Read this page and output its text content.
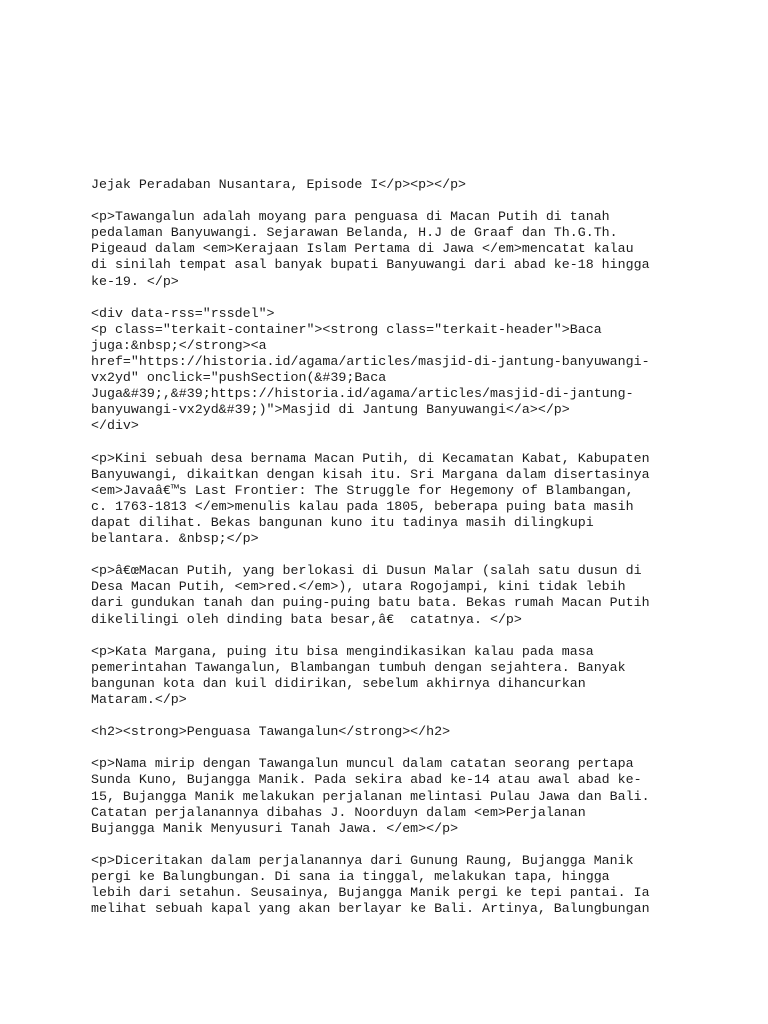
Jejak Peradaban Nusantara, Episode I</p><p></p>
<p>Tawangalun adalah moyang para penguasa di Macan Putih di tanah
pedalaman Banyuwangi. Sejarawan Belanda, H.J de Graaf dan Th.G.Th.
Pigeaud dalam <em>Kerajaan Islam Pertama di Jawa </em>mencatat kalau
di sinilah tempat asal banyak bupati Banyuwangi dari abad ke-18 hingga
ke-19. </p>
<div data-rss="rssdel">
<p class="terkait-container"><strong class="terkait-header">Baca
juga:&nbsp;</strong><a
href="https://historia.id/agama/articles/masjid-di-jantung-banyuwangi-
vx2yd" onclick="pushSection(&#39;Baca
Juga&#39;,&#39;https://historia.id/agama/articles/masjid-di-jantung-
banyuwangi-vx2yd&#39;)">Masjid di Jantung Banyuwangi</a></p>
</div>
<p>Kini sebuah desa bernama Macan Putih, di Kecamatan Kabat, Kabupaten
Banyuwangi, dikaitkan dengan kisah itu. Sri Margana dalam disertasinya
<em>Javaâ€™s Last Frontier: The Struggle for Hegemony of Blambangan,
c. 1763-1813 </em>menulis kalau pada 1805, beberapa puing bata masih
dapat dilihat. Bekas bangunan kuno itu tadinya masih dilingkupi
belantara. &nbsp;</p>
<p>â€œMacan Putih, yang berlokasi di Dusun Malar (salah satu dusun di
Desa Macan Putih, <em>red.</em>), utara Rogojampi, kini tidak lebih
dari gundukan tanah dan puing-puing batu bata. Bekas rumah Macan Putih
dikelilingi oleh dinding bata besar,â€  catatnya. </p>
<p>Kata Margana, puing itu bisa mengindikasikan kalau pada masa
pemerintahan Tawangalun, Blambangan tumbuh dengan sejahtera. Banyak
bangunan kota dan kuil didirikan, sebelum akhirnya dihancurkan
Mataram.</p>
<h2><strong>Penguasa Tawangalun</strong></h2>
<p>Nama mirip dengan Tawangalun muncul dalam catatan seorang pertapa
Sunda Kuno, Bujangga Manik. Pada sekira abad ke-14 atau awal abad ke-
15, Bujangga Manik melakukan perjalanan melintasi Pulau Jawa dan Bali.
Catatan perjalanannya dibahas J. Noorduyn dalam <em>Perjalanan
Bujangga Manik Menyusuri Tanah Jawa. </em></p>
<p>Diceritakan dalam perjalanannya dari Gunung Raung, Bujangga Manik
pergi ke Balungbungan. Di sana ia tinggal, melakukan tapa, hingga
lebih dari setahun. Seusainya, Bujangga Manik pergi ke tepi pantai. Ia
melihat sebuah kapal yang akan berlayar ke Bali. Artinya, Balungbungan
